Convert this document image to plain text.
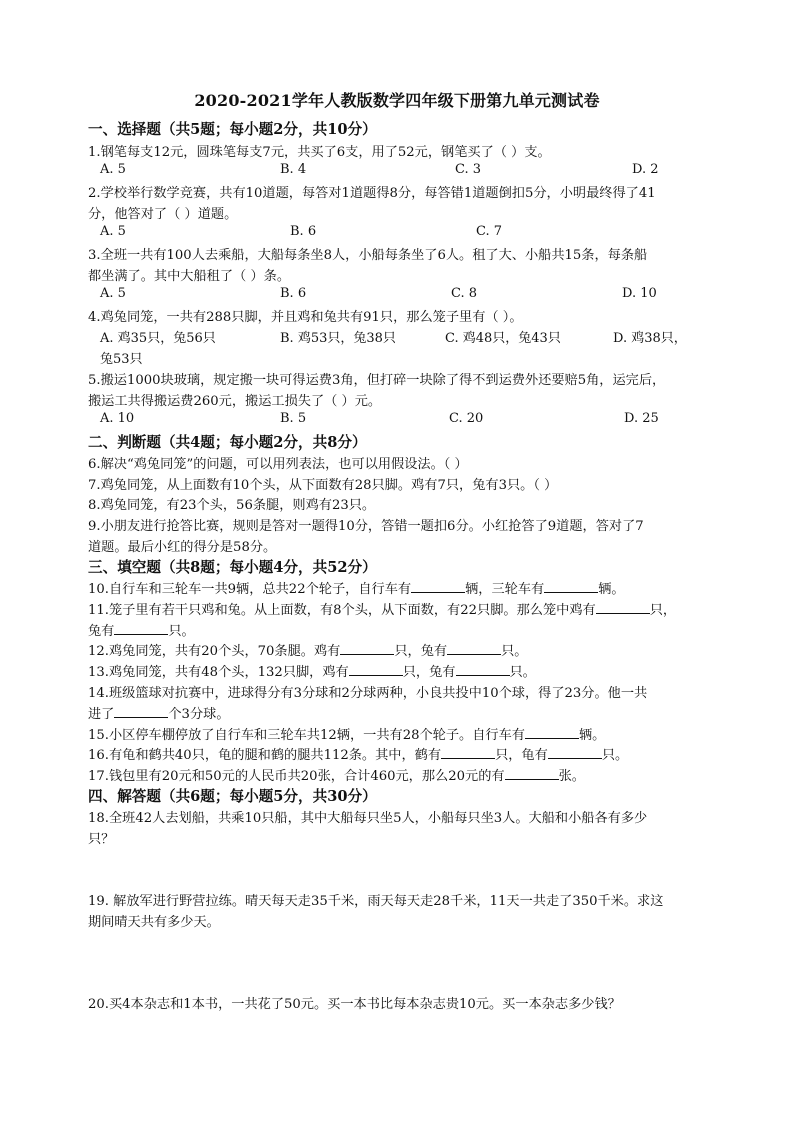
2020-2021学年人教版数学四年级下册第九单元测试卷
一、选择题（共5题；每小题2分，共10分）
1.钢笔每支12元，圆珠笔每支7元，共买了6支，用了52元，钢笔买了（ ）支。
A. 5	B. 4	C. 3	D. 2
2.学校举行数学竞赛，共有10道题，每答对1道题得8分，每答错1道题倒扣5分，小明最终得了41
分，他答对了（ ）道题。
A. 5	B. 6	C. 7
3.全班一共有100人去乘船，大船每条坐8人，小船每条坐了6人。租了大、小船共15条，每条船
都坐满了。其中大船租了（ ）条。
A. 5	B. 6	C. 8	D. 10
4.鸡兔同笼，一共有288只脚，并且鸡和兔共有91只，那么笼子里有（ ）。
A. 鸡35只，兔56只	B. 鸡53只，兔38只	C. 鸡48只，兔43只	D. 鸡38只，
兔53只
5.搬运1000块玻璃，规定搬一块可得运费3角，但打碎一块除了得不到运费外还要赔5角，运完后，
搬运工共得搬运费260元，搬运工损失了（ ）元。
A. 10	B. 5	C. 20	D. 25
二、判断题（共4题；每小题2分，共8分）
6.解决“鸡兔同笼”的问题，可以用列表法，也可以用假设法。（ ）
7.鸡兔同笼，从上面数有10个头，从下面数有28只脚。鸡有7只，兔有3只。（ ）
8.鸡兔同笼，有23个头，56条腿，则鸡有23只。
9.小朋友进行抢答比赛，规则是答对一题得10分，答错一题扣6分。小红抢答了9道题，答对了7
道题。最后小红的得分是58分。
三、填空题（共8题；每小题4分，共52分）
10.自行车和三轮车一共9辆，总共22个轮子，自行车有	辆，三轮车有	辆。
11.笼子里有若干只鸡和兔。从上面数，有8个头，从下面数，有22只脚。那么笼中鸡有	只，
兔有	只。
12.鸡兔同笼，共有20个头，70条腿。鸡有	只，兔有	只。
13.鸡兔同笼，共有48个头，132只脚，鸡有	只，兔有	只。
14.班级篮球对抗赛中，进球得分有3分球和2分球两种，小良共投中10个球，得了23分。他一共
进了	个3分球。
15.小区停车棚停放了自行车和三轮车共12辆，一共有28个轮子。自行车有	辆。
16.有龟和鹤共40只，龟的腿和鹤的腿共112条。其中，鹤有	只，龟有	只。
17.钱包里有20元和50元的人民币共20张，合计460元，那么20元的有	张。
四、解答题（共6题；每小题5分，共30分）
18.全班42人去划船，共乘10只船，其中大船每只坐5人，小船每只坐3人。大船和小船各有多少
只？
19. 解放军进行野营拉练。晴天每天走35千米，雨天每天走28千米，11天一共走了350千米。求这
期间晴天共有多少天。
20.买4本杂志和1本书，一共花了50元。买一本书比每本杂志贵10元。买一本杂志多少钱？
